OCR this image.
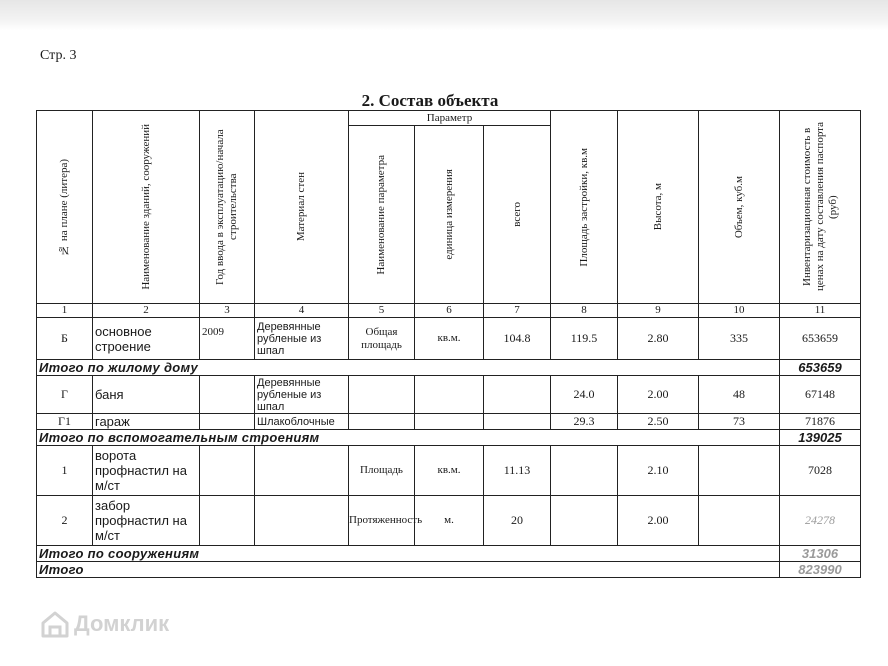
Стр. 3
2. Состав объекта
№ на плане (литера)	Наименование зданий, сооружений	Год ввода в эксплуатацию/начала строительства	Материал стен	Параметр			Площадь застройки, кв.м	Высота, м	Объем, куб.м	Инвентаризационная стоимость в ценах на дату составления паспорта (руб)

				Наименование параметра	единица измерения	всего				

1	2	3	4	5	6	7	8	9	10	11
Б	основное строение	2009	Деревянные рубленые из шпал	Общая площадь	кв.м.	104.8	119.5	2.80	335	653659
Итого по жилому дому										653659
Г	баня		Деревянные рубленые из шпал				24.0	2.00	48	67148
Г1	гараж		Шлакоблочные				29.3	2.50	73	71876
Итого по вспомогательным строениям										139025
1	ворота профнастил на м/ст			Площадь	кв.м.	11.13		2.10		7028
2	забор профнастил на м/ст			Протяженность	м.	20		2.00		24278
Итого по сооружениям										31306
Итого										823990
Домклик
